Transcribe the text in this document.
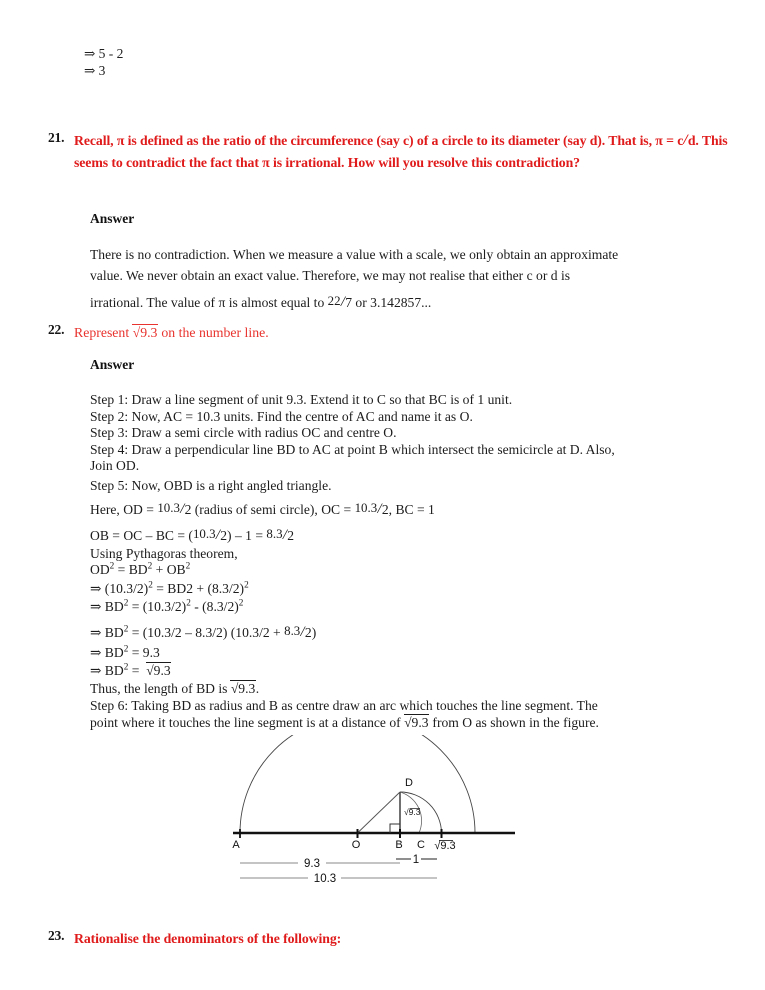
⇒ 5 - 2
⇒ 3
21. Recall, π is defined as the ratio of the circumference (say c) of a circle to its diameter (say d). That is, π = c/d. This seems to contradict the fact that π is irrational. How will you resolve this contradiction?
Answer
There is no contradiction. When we measure a value with a scale, we only obtain an approximate
value. We never obtain an exact value. Therefore, we may not realise that either c or d is
irrational. The value of π is almost equal to 22/7 or 3.142857...
22. Represent √9.3 on the number line.
Answer
Step 1: Draw a line segment of unit 9.3. Extend it to C so that BC is of 1 unit.
Step 2: Now, AC = 10.3 units. Find the centre of AC and name it as O.
Step 3: Draw a semi circle with radius OC and centre O.
Step 4: Draw a perpendicular line BD to AC at point B which intersect the semicircle at D. Also,
Join OD.
Step 5: Now, OBD is a right angled triangle.
Here, OD = 10.3/2 (radius of semi circle), OC = 10.3/2, BC = 1
OB = OC – BC = (10.3/2) – 1 = 8.3/2
Using Pythagoras theorem,
$OD^2 = BD^2 + OB^2$
⇒ $(10.3/2)^2 = BD2 + (8.3/2)^2$
⇒ $BD^2 = (10.3/2)^2 - (8.3/2)^2$
⇒ $BD^2 = (10.3/2 - 8.3/2) (10.3/2 + 8.3/2)$
⇒ $BD^2 = 9.3$
⇒ $BD^2 = √9.3$
Thus, the length of BD is √9.3.
Step 6: Taking BD as radius and B as centre draw an arc which touches the line segment. The
point where it touches the line segment is at a distance of √9.3 from O as shown in the figure.
A	O	B C √9.3
D
√9.3
9.3	1
10.3
23. Rationalise the denominators of the following:
